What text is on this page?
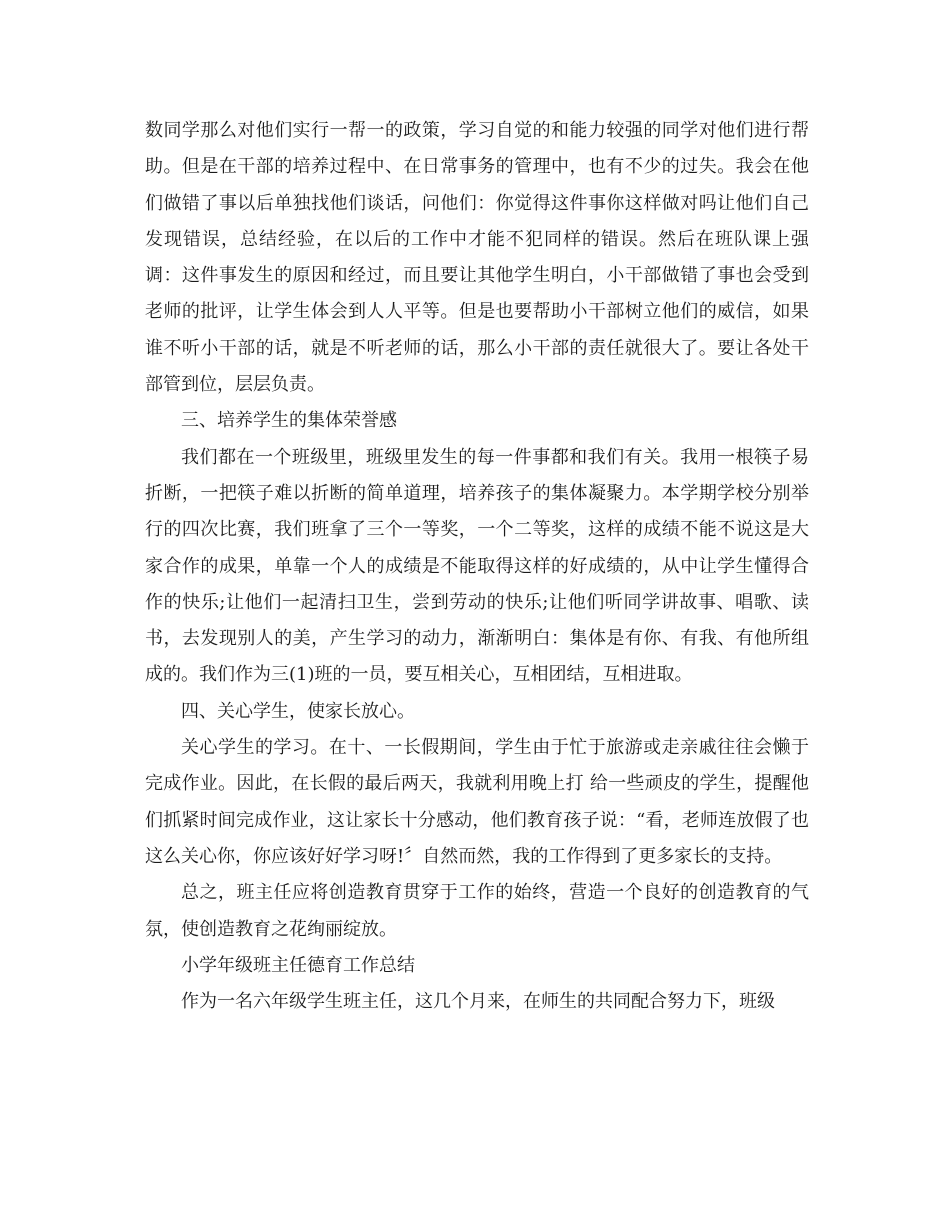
数同学那么对他们实行一帮一的政策，学习自觉的和能力较强的同学对他们进行帮助。但是在干部的培养过程中、在日常事务的管理中，也有不少的过失。我会在他们做错了事以后单独找他们谈话，问他们：你觉得这件事你这样做对吗让他们自己发现错误，总结经验，在以后的工作中才能不犯同样的错误。然后在班队课上强调：这件事发生的原因和经过，而且要让其他学生明白，小干部做错了事也会受到老师的批评，让学生体会到人人平等。但是也要帮助小干部树立他们的威信，如果谁不听小干部的话，就是不听老师的话，那么小干部的责任就很大了。要让各处干部管到位，层层负责。

三、培养学生的集体荣誉感

我们都在一个班级里，班级里发生的每一件事都和我们有关。我用一根筷子易折断，一把筷子难以折断的简单道理，培养孩子的集体凝聚力。本学期学校分别举行的四次比赛，我们班拿了三个一等奖，一个二等奖，这样的成绩不能不说这是大家合作的成果，单靠一个人的成绩是不能取得这样的好成绩的，从中让学生懂得合作的快乐;让他们一起清扫卫生，尝到劳动的快乐;让他们听同学讲故事、唱歌、读书，去发现别人的美，产生学习的动力，渐渐明白：集体是有你、有我、有他所组成的。我们作为三(1)班的一员，要互相关心，互相团结，互相进取。

四、关心学生，使家长放心。

关心学生的学习。在十、一长假期间，学生由于忙于旅游或走亲戚往往会懒于完成作业。因此，在长假的最后两天，我就利用晚上打 给一些顽皮的学生，提醒他们抓紧时间完成作业，这让家长十分感动，他们教育孩子说：“看，老师连放假了也这么关心你，你应该好好学习呀!〞自然而然，我的工作得到了更多家长的支持。

总之，班主任应将创造教育贯穿于工作的始终，营造一个良好的创造教育的气氛，使创造教育之花绚丽绽放。

小学年级班主任德育工作总结

作为一名六年级学生班主任，这几个月来，在师生的共同配合努力下，班级
